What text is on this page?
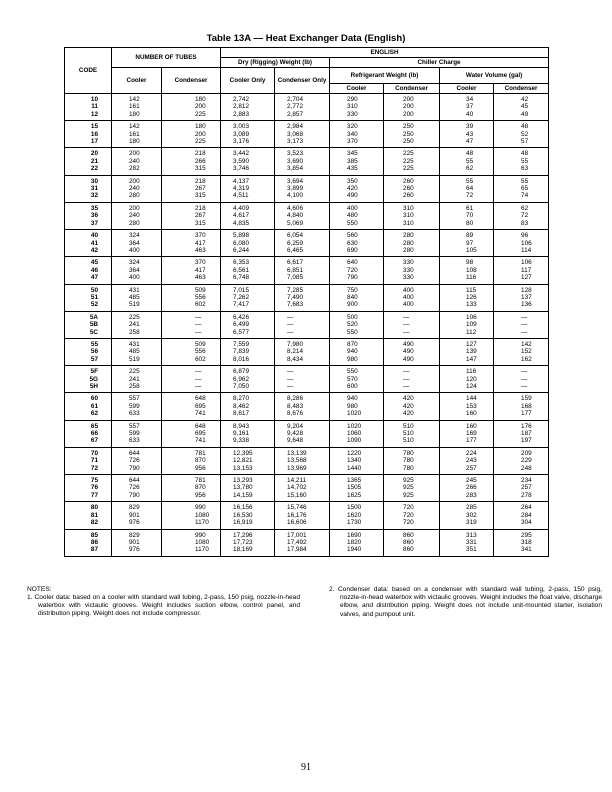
Table 13A — Heat Exchanger Data (English)
CODE	NUMBER OF TUBES		ENGLISH					
			Dry (Rigging) Weight (lb)		Chiller Charge			
	Cooler	Condenser	Cooler Only	Condenser Only	Refrigerant Weight (lb)		Water Volume (gal)	
					Cooler	Condenser	Cooler	Condenser
10	142	180	2,742	2,704	290	200	34	42
11	161	200	2,812	2,772	310	200	37	45
12	180	225	2,883	2,857	330	200	40	49
15	142	180	3,003	2,984	320	250	39	48
16	161	200	3,089	3,068	340	250	43	52
17	180	225	3,176	3,173	370	250	47	57
20	200	218	3,442	3,523	345	225	48	48
21	240	266	3,590	3,690	385	225	55	55
22	282	315	3,746	3,854	435	225	62	63
30	200	218	4,137	3,694	350	260	55	55
31	240	267	4,319	3,899	420	260	64	65
32	280	315	4,511	4,100	490	260	72	74
35	200	218	4,409	4,606	400	310	61	62
36	240	267	4,617	4,840	480	310	70	72
37	280	315	4,835	5,069	550	310	80	83
40	324	370	5,898	6,054	560	280	89	96
41	364	417	6,080	6,259	630	280	97	106
42	400	463	6,244	6,465	690	280	105	114
45	324	370	6,353	6,617	640	330	98	106
46	364	417	6,561	6,851	720	330	108	117
47	400	463	6,748	7,085	790	330	116	127
50	431	509	7,015	7,285	750	400	115	128
51	485	556	7,262	7,490	840	400	126	137
52	519	602	7,417	7,683	900	400	133	136
5A	225	—	6,426	—	500	—	106	—
5B	241	—	6,499	—	520	—	109	—
5C	258	—	6,577	—	550	—	112	—
55	431	509	7,559	7,980	870	490	127	142
56	485	556	7,839	8,214	940	490	139	152
57	519	602	8,016	8,434	980	490	147	162
5F	225	—	6,879	—	550	—	116	—
5G	241	—	6,962	—	570	—	120	—
5H	258	—	7,050	—	600	—	124	—
60	557	648	8,270	8,286	940	420	144	159
61	599	695	8,462	8,483	980	420	153	168
62	633	741	8,617	8,676	1020	420	160	177
65	557	648	8,943	9,204	1020	510	160	176
66	599	695	9,161	9,428	1060	510	169	187
67	633	741	9,338	9,648	1090	510	177	197
70	644	781	12,395	13,139	1220	780	224	209
71	726	870	12,821	13,568	1340	780	243	229
72	790	956	13,153	13,969	1440	780	257	248
75	644	781	13,293	14,211	1365	925	245	234
76	726	870	13,780	14,702	1505	925	266	257
77	790	956	14,159	15,160	1625	925	283	278
80	829	990	16,156	15,746	1500	720	285	264
81	901	1080	16,530	16,176	1620	720	302	284
82	976	1170	16,919	16,606	1730	720	319	304
85	829	990	17,296	17,001	1690	860	313	295
86	901	1080	17,723	17,492	1820	860	331	318
87	976	1170	18,169	17,984	1940	860	351	341
NOTES:
1. Cooler data: based on a cooler with standard wall tubing, 2-pass, 150 psig, nozzle-in-head waterbox with victaulic grooves. Weight includes suction elbow, control panel, and distribution piping. Weight does not include compressor.
2. Condenser data: based on a condenser with standard wall tubing, 2-pass, 150 psig, nozzle-in-head waterbox with victaulic grooves. Weight includes the float valve, discharge elbow, and distribution piping. Weight does not include unit-mounted starter, isolation valves, and pumpout unit.
91
